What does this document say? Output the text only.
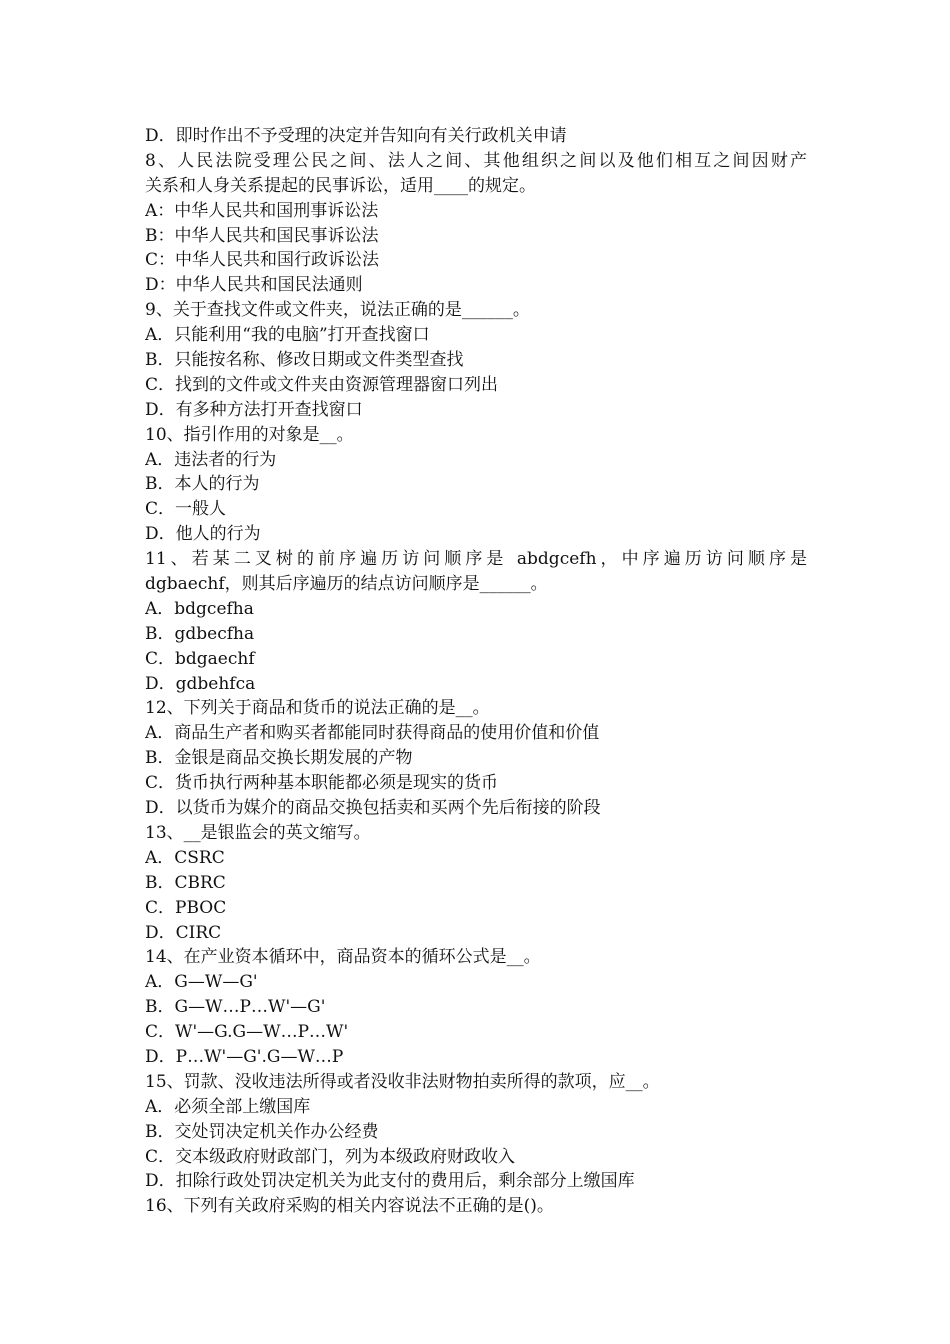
D．即时作出不予受理的决定并告知向有关行政机关申请
8、人民法院受理公民之间、法人之间、其他组织之间以及他们相互之间因财产
关系和人身关系提起的民事诉讼，适用____的规定。
A：中华人民共和国刑事诉讼法
B：中华人民共和国民事诉讼法
C：中华人民共和国行政诉讼法
D：中华人民共和国民法通则
9、关于查找文件或文件夹，说法正确的是______。
A．只能利用“我的电脑”打开查找窗口
B．只能按名称、修改日期或文件类型查找
C．找到的文件或文件夹由资源管理器窗口列出
D．有多种方法打开查找窗口
10、指引作用的对象是__。
A．违法者的行为
B．本人的行为
C．一般人
D．他人的行为
11、若某二叉树的前序遍历访问顺序是 abdgcefh，中序遍历访问顺序是
dgbaechf，则其后序遍历的结点访问顺序是______。
A．bdgcefha
B．gdbecfha
C．bdgaechf
D．gdbehfca
12、下列关于商品和货币的说法正确的是__。
A．商品生产者和购买者都能同时获得商品的使用价值和价值
B．金银是商品交换长期发展的产物
C．货币执行两种基本职能都必须是现实的货币
D．以货币为媒介的商品交换包括卖和买两个先后衔接的阶段
13、__是银监会的英文缩写。
A．CSRC
B．CBRC
C．PBOC
D．CIRC
14、在产业资本循环中，商品资本的循环公式是__。
A．G—W—G'
B．G—W…P…W'—G'
C．W'—G.G—W…P…W'
D．P…W'—G'.G—W…P
15、罚款、没收违法所得或者没收非法财物拍卖所得的款项，应__。
A．必须全部上缴国库
B．交处罚决定机关作办公经费
C．交本级政府财政部门，列为本级政府财政收入
D．扣除行政处罚决定机关为此支付的费用后，剩余部分上缴国库
16、下列有关政府采购的相关内容说法不正确的是()。
